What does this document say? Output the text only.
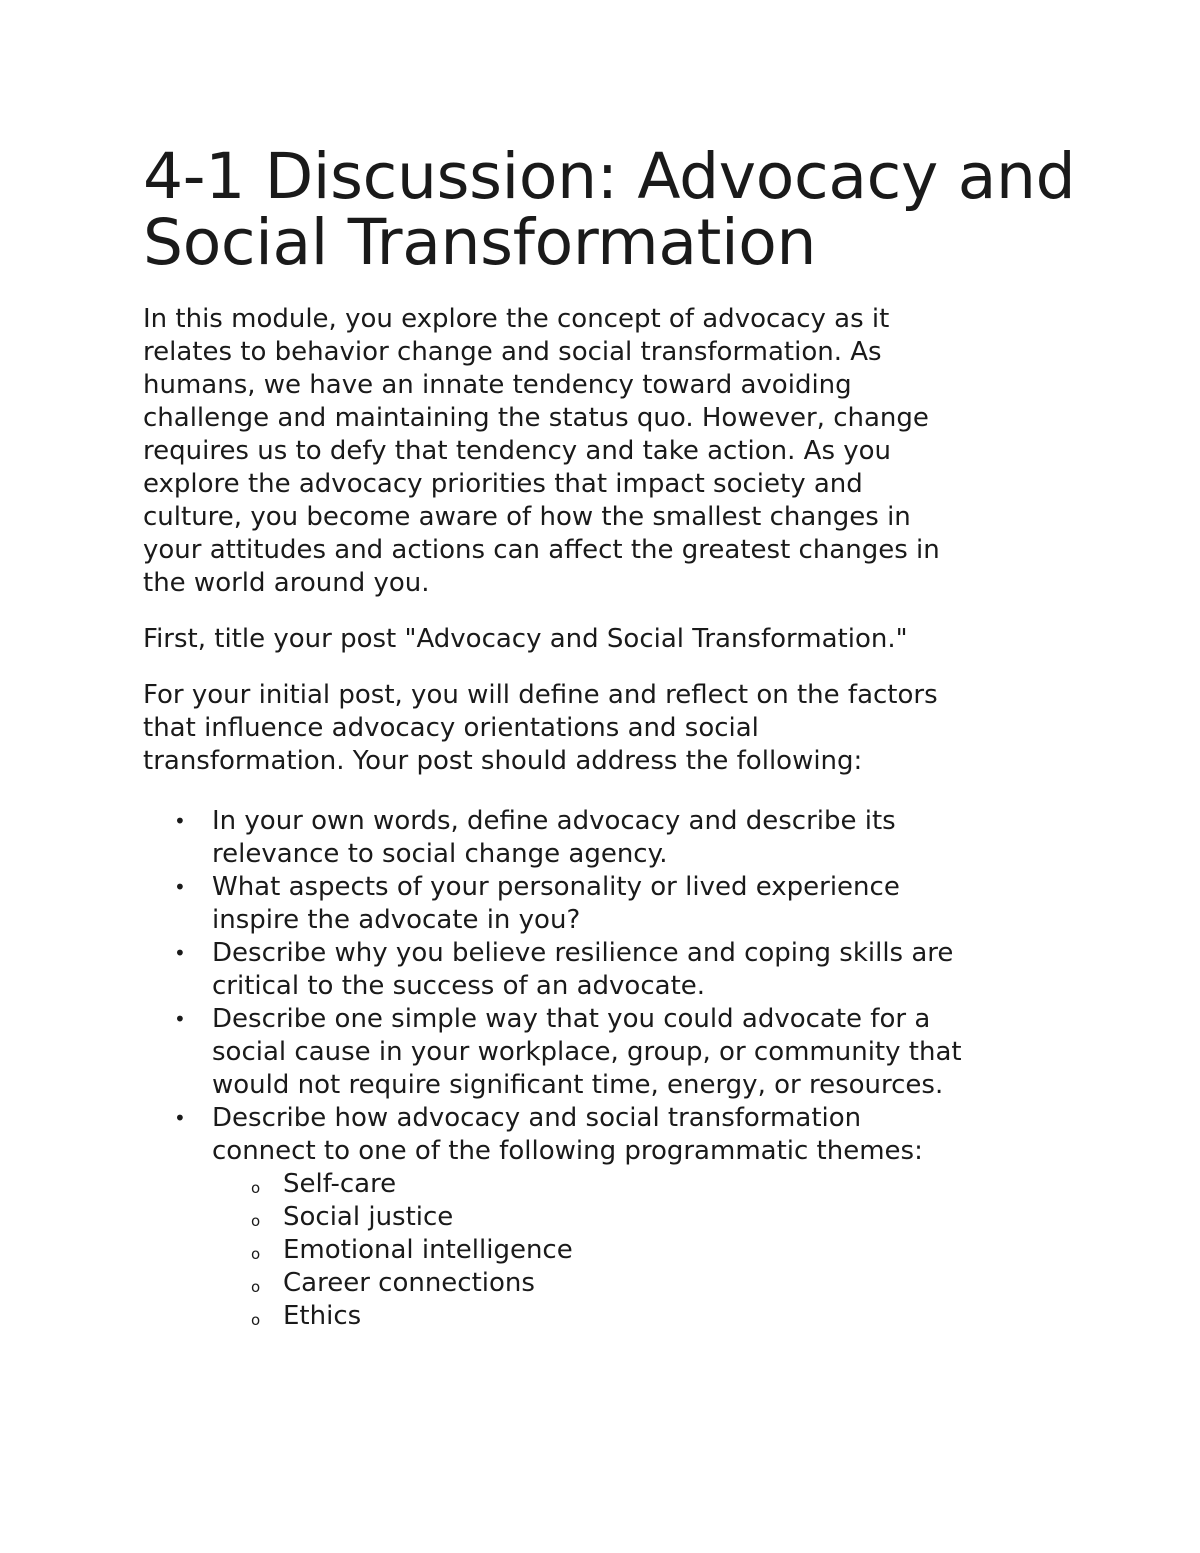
4-1 Discussion: Advocacy and
Social Transformation

In this module, you explore the concept of advocacy as it
relates to behavior change and social transformation. As
humans, we have an innate tendency toward avoiding
challenge and maintaining the status quo. However, change
requires us to defy that tendency and take action. As you
explore the advocacy priorities that impact society and
culture, you become aware of how the smallest changes in
your attitudes and actions can affect the greatest changes in
the world around you.

First, title your post "Advocacy and Social Transformation."

For your initial post, you will define and reflect on the factors
that influence advocacy orientations and social
transformation. Your post should address the following:

• In your own words, define advocacy and describe its
relevance to social change agency.
• What aspects of your personality or lived experience
inspire the advocate in you?
• Describe why you believe resilience and coping skills are
critical to the success of an advocate.
• Describe one simple way that you could advocate for a
social cause in your workplace, group, or community that
would not require significant time, energy, or resources.
• Describe how advocacy and social transformation
connect to one of the following programmatic themes:
o Self-care
o Social justice
o Emotional intelligence
o Career connections
o Ethics
